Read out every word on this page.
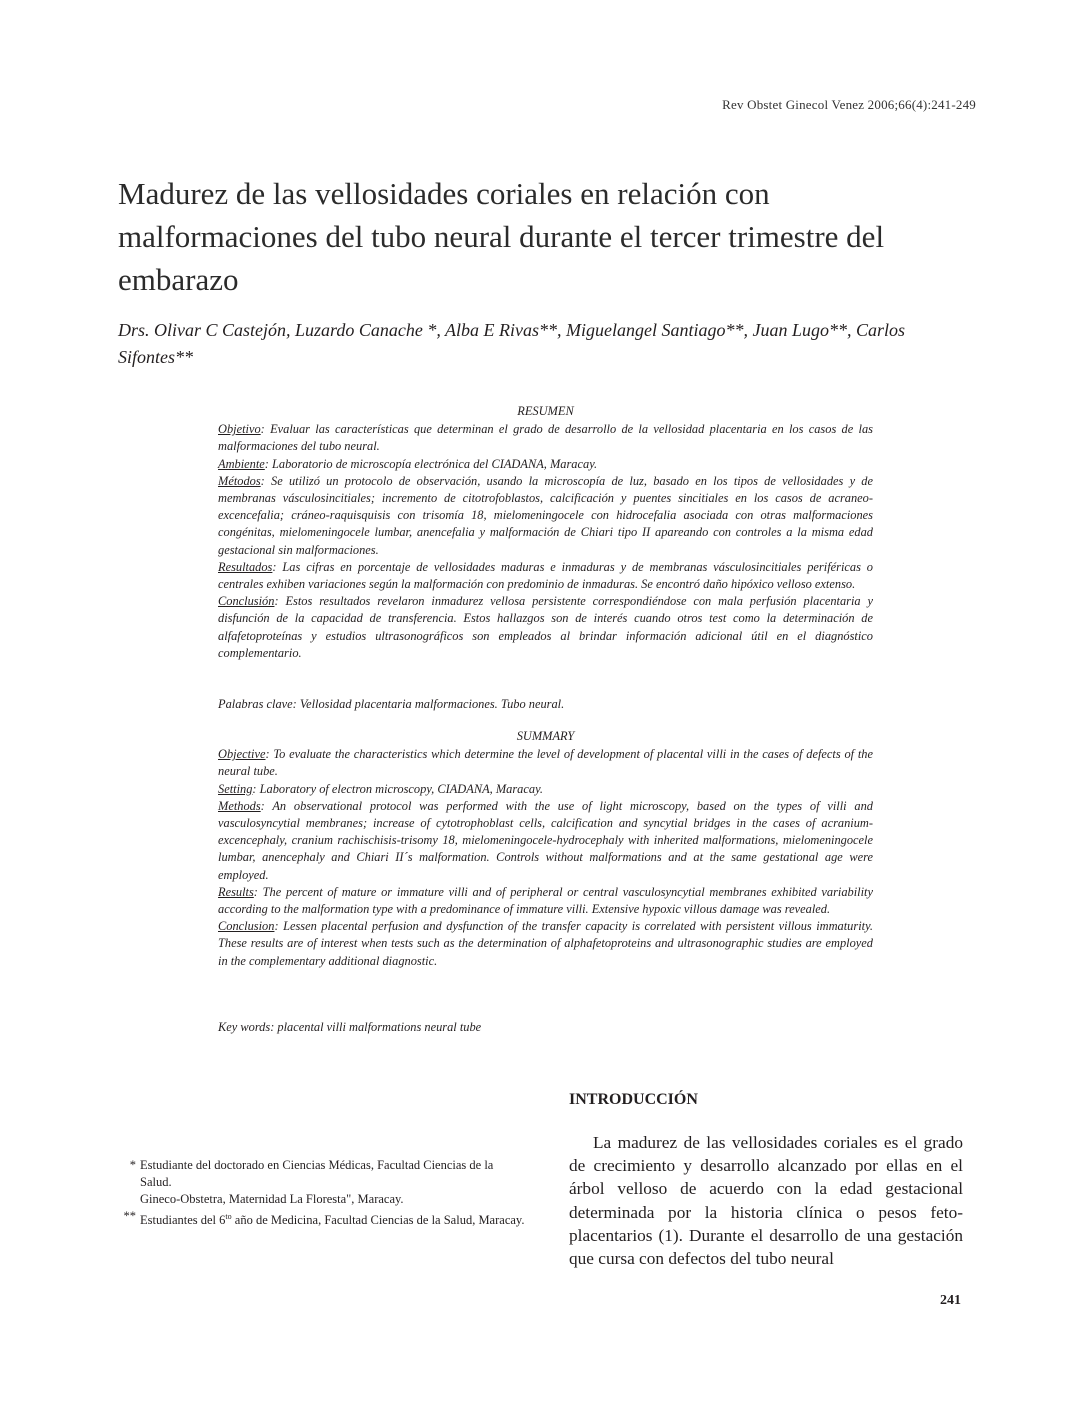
Rev Obstet Ginecol Venez 2006;66(4):241-249
Madurez de las vellosidades coriales en relación con malformaciones del tubo neural durante el tercer trimestre del embarazo
Drs. Olivar C Castejón, Luzardo Canache *, Alba E Rivas**, Miguelangel Santiago**, Juan Lugo**, Carlos Sifontes**

RESUMEN

Objetivo: Evaluar las características que determinan el grado de desarrollo de la vellosidad placentaria en los casos de las malformaciones del tubo neural.

Ambiente: Laboratorio de microscopía electrónica del CIADANA, Maracay.

Métodos: Se utilizó un protocolo de observación, usando la microscopía de luz, basado en los tipos de vellosidades y de membranas vásculosincitiales; incremento de citotrofoblastos, calcificación y puentes sincitiales en los casos de acraneo-excencefalia; cráneo-raquisquisis con trisomía 18, mielomeningocele con hidrocefalia asociada con otras malformaciones congénitas, mielomeningocele lumbar, anencefalia y malformación de Chiari tipo II apareando con controles a la misma edad gestacional sin malformaciones.

Resultados: Las cifras en porcentaje de vellosidades maduras e inmaduras y de membranas vásculosincitiales periféricas o centrales exhiben variaciones según la malformación con predominio de inmaduras. Se encontró daño hipóxico velloso extenso.

Conclusión: Estos resultados revelaron inmadurez vellosa persistente correspondiéndose con mala perfusión placentaria y disfunción de la capacidad de transferencia. Estos hallazgos son de interés cuando otros test como la determinación de alfafetoproteínas y estudios ultrasonográficos son empleados al brindar información adicional útil en el diagnóstico complementario.

Palabras clave: Vellosidad placentaria malformaciones. Tubo neural.

SUMMARY

Objective: To evaluate the characteristics which determine the level of development of placental villi in the cases of defects of the neural tube.

Setting: Laboratory of electron microscopy, CIADANA, Maracay.

Methods: An observational protocol was performed with the use of light microscopy, based on the types of villi and vasculosyncytial membranes; increase of cytotrophoblast cells, calcification and syncytial bridges in the cases of acranium-excencephaly, cranium rachischisis-trisomy 18, mielomeningocele-hydrocephaly with inherited malformations, mielomeningocele lumbar, anencephaly and Chiari II´s malformation. Controls without malformations and at the same gestational age were employed.

Results: The percent of mature or immature villi and of peripheral or central vasculosyncytial membranes exhibited variability according to the malformation type with a predominance of immature villi. Extensive hypoxic villous damage was revealed.

Conclusion: Lessen placental perfusion and dysfunction of the transfer capacity is correlated with persistent villous immaturity. These results are of interest when tests such as the determination of alphafetoproteins and ultrasonographic studies are employed in the complementary additional diagnostic.

Key words: placental villi malformations neural tube
INTRODUCCIÓN

La madurez de las vellosidades coriales es el grado de crecimiento y desarrollo alcanzado por ellas en el árbol velloso de acuerdo con la edad gestacional determinada por la historia clínica o pesos feto-placentarios (1). Durante el desarrollo de una gestación que cursa con defectos del tubo neural

* Estudiante del doctorado en Ciencias Médicas, Facultad Ciencias de la Salud.

Gineco-Obstetra, Maternidad La Floresta", Maracay.

** Estudiantes del $6^{to}$ año de Medicina, Facultad Ciencias de la Salud, Maracay.

241
